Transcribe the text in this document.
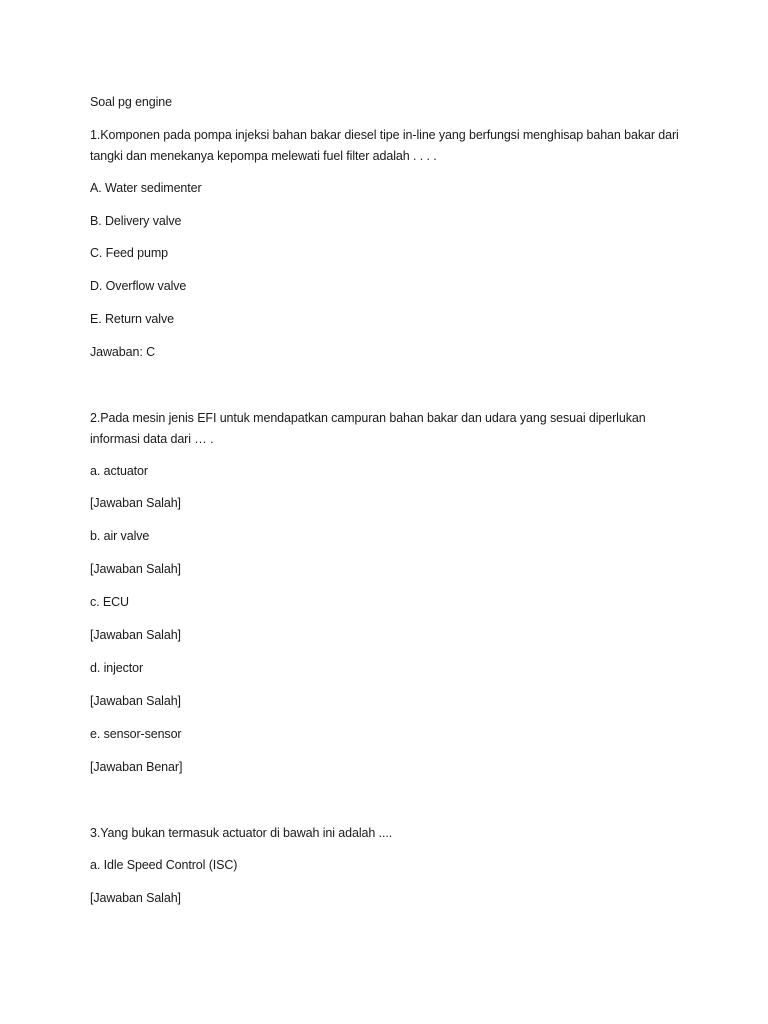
Soal pg engine
1.Komponen pada pompa injeksi bahan bakar diesel tipe in-line yang berfungsi menghisap bahan bakar dari tangki dan menekanya kepompa melewati fuel filter adalah . . . .
A. Water sedimenter
B. Delivery valve
C. Feed pump
D. Overflow valve
E. Return valve
Jawaban: C
2.Pada mesin jenis EFI untuk mendapatkan campuran bahan bakar dan udara yang sesuai diperlukan informasi data dari … .
a. actuator
[Jawaban Salah]
b. air valve
[Jawaban Salah]
c. ECU
[Jawaban Salah]
d. injector
[Jawaban Salah]
e. sensor-sensor
[Jawaban Benar]
3.Yang bukan termasuk actuator di bawah ini adalah ....
a. Idle Speed Control (ISC)
[Jawaban Salah]
